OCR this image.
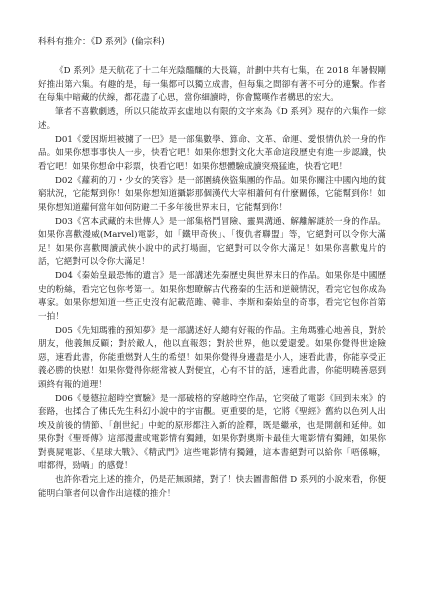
科科有推介：《D 系列》(倫宗科)

《D 系列》是天航花了十二年光陰醞釀的大長篇，計劃中共有七集，在 2018 年暑假剛好推出第六集。有趣的是，每一集都可以獨立成書，但每集之間卻有著不可分的連繫。作者在每集中暗藏的伏線，都花盡了心思，當你細讀時，你會驚嘆作者構思的宏大。

筆者不喜歡劇透，所以只能故弄玄虛地以有限的文字來為《D 系列》現存的六集作一綜述。

D01《愛因斯坦被擄了一巴》是一部集數學、算命、文革、命運、愛恨情仇於一身的作品。如果你想事事快人一步，快看它吧！如果你想對文化大革命這段歷史有進一步認識，快看它吧！如果你想命中彩票，快看它吧！如果你想體驗成讀突飛猛進，快看它吧！

D02《蘿莉的刀・少女的笑容》是一部圍繞俠盜集團的作品。如果你關注中國內地的貧窮狀況，它能幫到你！如果你想知道攝影那個漢代大宰相蕭何有什麼關係，它能幫到你！如果你想知道蘿何當年如何防避二千多年後世界末日，它能幫到你！

D03《宮本武藏的未世傳人》是一部集格鬥冒險、靈異溝通、解離解謎於一身的作品。如果你喜歡漫威(Marvel)電影，如「鐵甲奇俠」、「復仇者聯盟」等，它絕對可以令你大滿足！如果你喜歡閱讀武俠小說中的武打場面，它絕對可以令你大滿足！如果你喜歡鬼片的話，它絕對可以令你大滿足！

D04《秦始皇最恐怖的遺言》是一部講述先秦歷史與世界末日的作品。如果你是中國歷史的粉絲，看完它包你考第一。如果你想瞭解古代務秦的生活和逆競情況，看完它包你成為專家。如果你想知道一些正史沒有記載范雎、韓非、李斯和秦始皇的奇事，看完它包你首第一拍！

D05《先知瑪雅的預知夢》是一部講述好人總有好報的作品。主角瑪雅心地善良，對於朋友，他義無反顧；對於敵人，他以直報怨；對於世界，他以愛還愛。如果你覺得世途險惡，速看此書，你能重燃對人生的希望！如果你覺得身邊盡是小人，速看此書，你能享受正義必勝的快慰！如果你覺得你經常被人對便宜，心有不甘的話，速看此書，你能明曉善惡到頭終有報的道理！

D06《曼德拉超時空實驗》是一部破格的穿越時空作品，它突破了電影《回到未來》的套路，也揉合了佛氏先生科幻小說中的宇宙觀。更重要的是，它將《聖經》舊約以色列人出埃及前後的情節、「創世紀」中蛇的原形都注入新的詮釋，既是繼承，也是開創和延伸。如果你對《聖哥傳》這部漫畫或電影情有獨鍾，如果你對奧斯卡最佳大電影情有獨鍾，如果你對喪屍電影、《星球大戰》、《精武門》這些電影情有獨鍾，這本書絕對可以給你「唔係嘛，咁都得，勁喎」的感覺！

也許你看完上述的推介，仍是茫無頭緒，對了！快去圖書館借 D 系列的小說來看，你便能明白筆者何以會作出這樣的推介！
